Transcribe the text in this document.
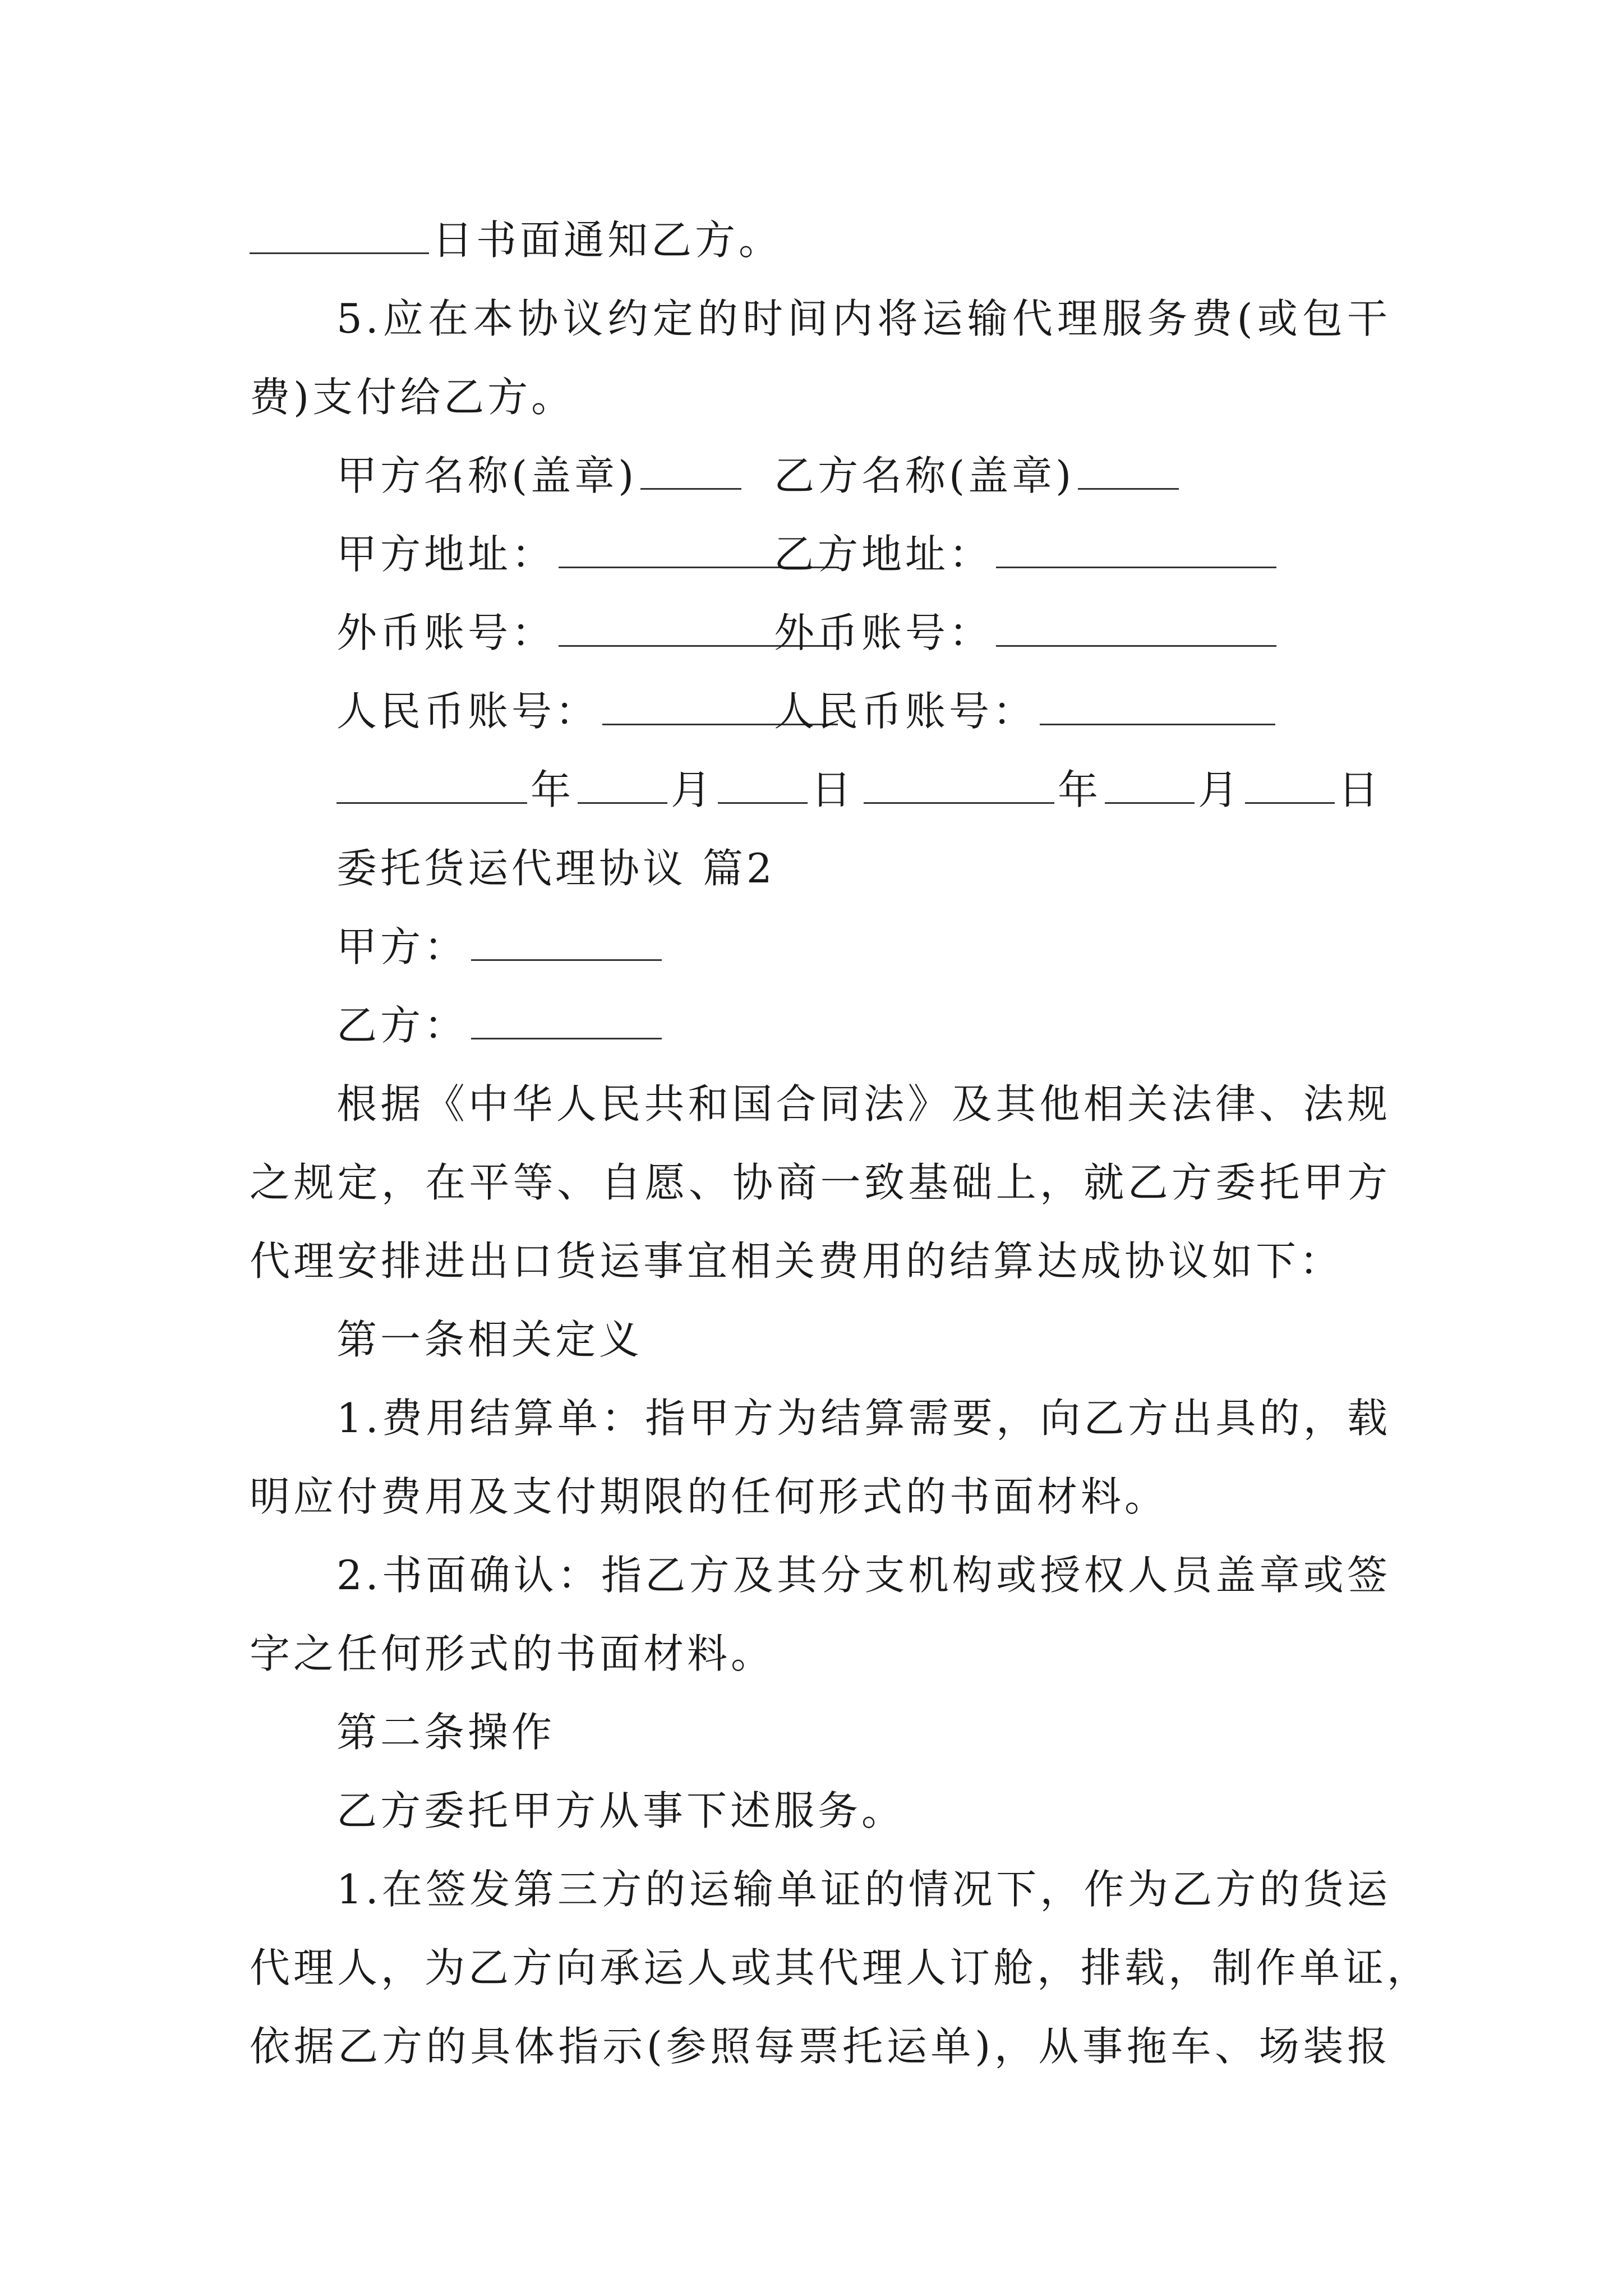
日书面通知乙方。
5.应在本协议约定的时间内将运输代理服务费(或包干
费)支付给乙方。
甲方名称(盖章)	乙方名称(盖章)
甲方地址：	乙方地址：
外币账号：	外币账号：
人民币账号：	人民币账号：
年 月 日	年 月 日
委托货运代理协议 篇2
甲方：
乙方：
根据《中华人民共和国合同法》及其他相关法律、法规
之规定，在平等、自愿、协商一致基础上，就乙方委托甲方
代理安排进出口货运事宜相关费用的结算达成协议如下：
第一条相关定义
1.费用结算单：指甲方为结算需要，向乙方出具的，载
明应付费用及支付期限的任何形式的书面材料。
2.书面确认：指乙方及其分支机构或授权人员盖章或签
字之任何形式的书面材料。
第二条操作
乙方委托甲方从事下述服务。
1.在签发第三方的运输单证的情况下，作为乙方的货运
代理人，为乙方向承运人或其代理人订舱，排载，制作单证，
依据乙方的具体指示(参照每票托运单)，从事拖车、场装报
